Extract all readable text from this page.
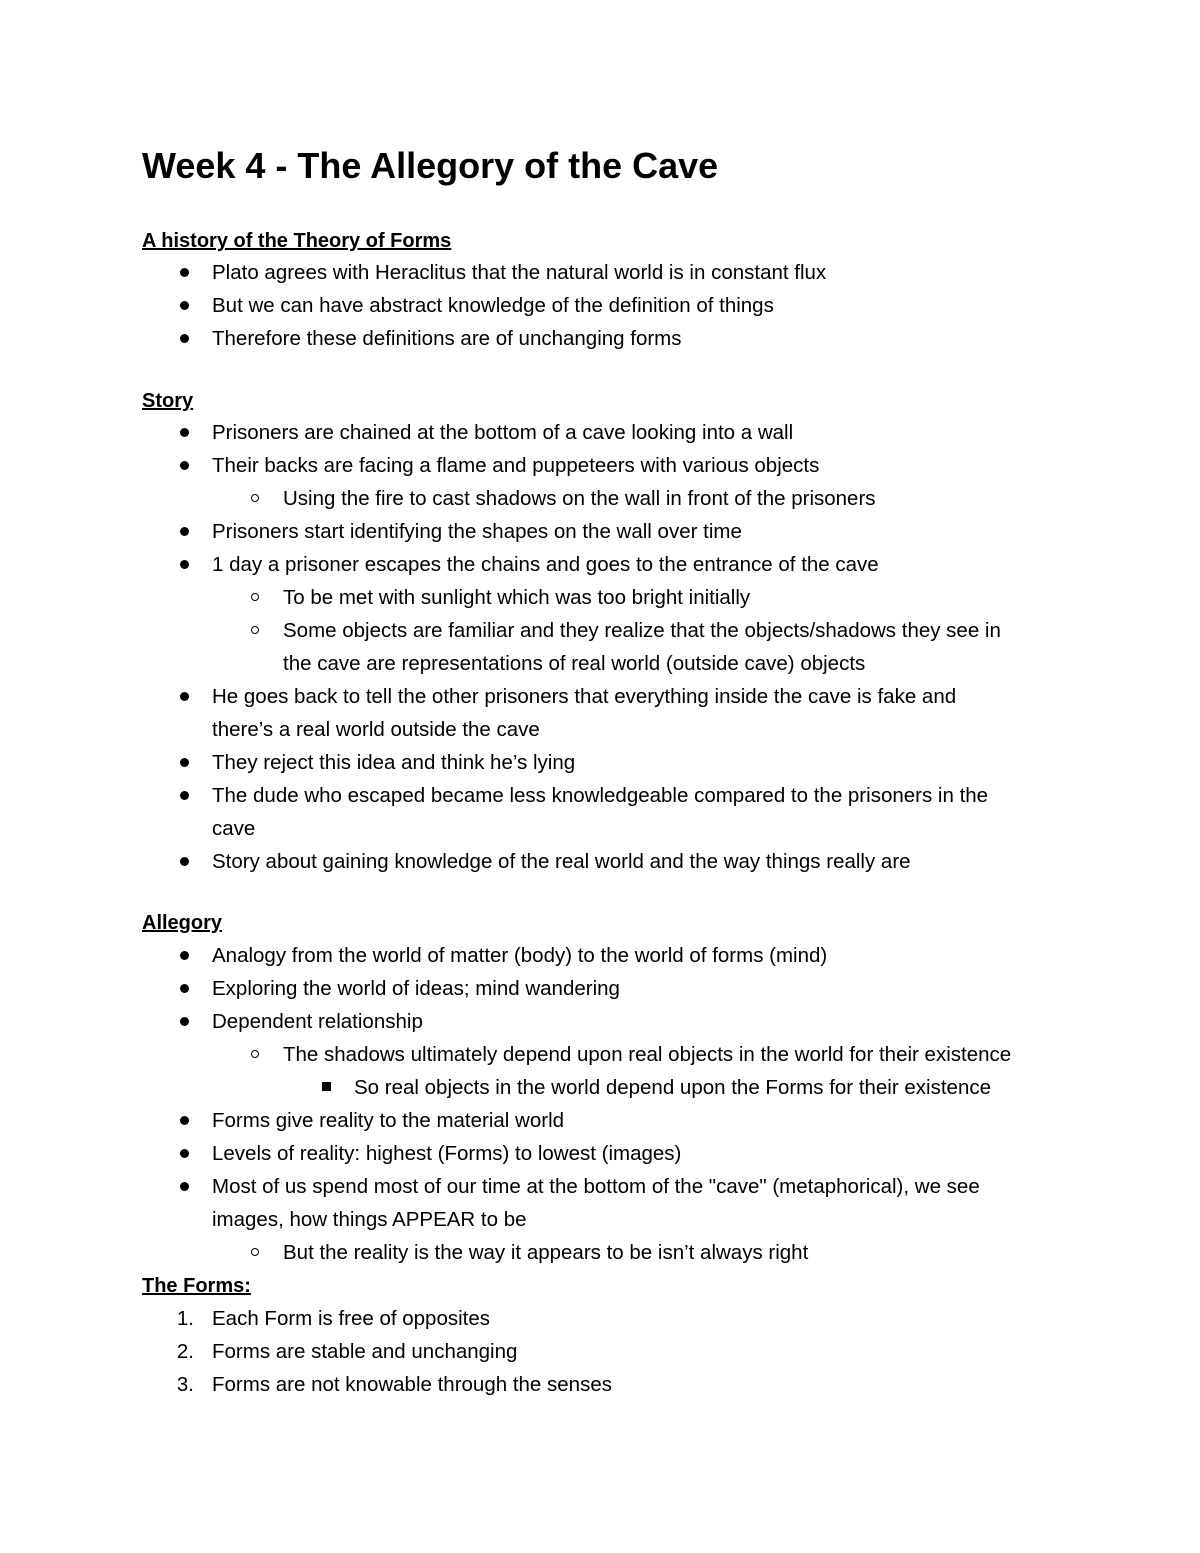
Week 4 - The Allegory of the Cave
A history of the Theory of Forms
Plato agrees with Heraclitus that the natural world is in constant flux
But we can have abstract knowledge of the definition of things
Therefore these definitions are of unchanging forms
Story
Prisoners are chained at the bottom of a cave looking into a wall
Their backs are facing a flame and puppeteers with various objects
Using the fire to cast shadows on the wall in front of the prisoners
Prisoners start identifying the shapes on the wall over time
1 day a prisoner escapes the chains and goes to the entrance of the cave
To be met with sunlight which was too bright initially
Some objects are familiar and they realize that the objects/shadows they see in
the cave are representations of real world (outside cave) objects
He goes back to tell the other prisoners that everything inside the cave is fake and
there’s a real world outside the cave
They reject this idea and think he’s lying
The dude who escaped became less knowledgeable compared to the prisoners in the
cave
Story about gaining knowledge of the real world and the way things really are
Allegory
Analogy from the world of matter (body) to the world of forms (mind)
Exploring the world of ideas; mind wandering
Dependent relationship
The shadows ultimately depend upon real objects in the world for their existence
So real objects in the world depend upon the Forms for their existence
Forms give reality to the material world
Levels of reality: highest (Forms) to lowest (images)
Most of us spend most of our time at the bottom of the "cave" (metaphorical), we see
images, how things APPEAR to be
But the reality is the way it appears to be isn’t always right
The Forms:
1. Each Form is free of opposites
2. Forms are stable and unchanging
3. Forms are not knowable through the senses
